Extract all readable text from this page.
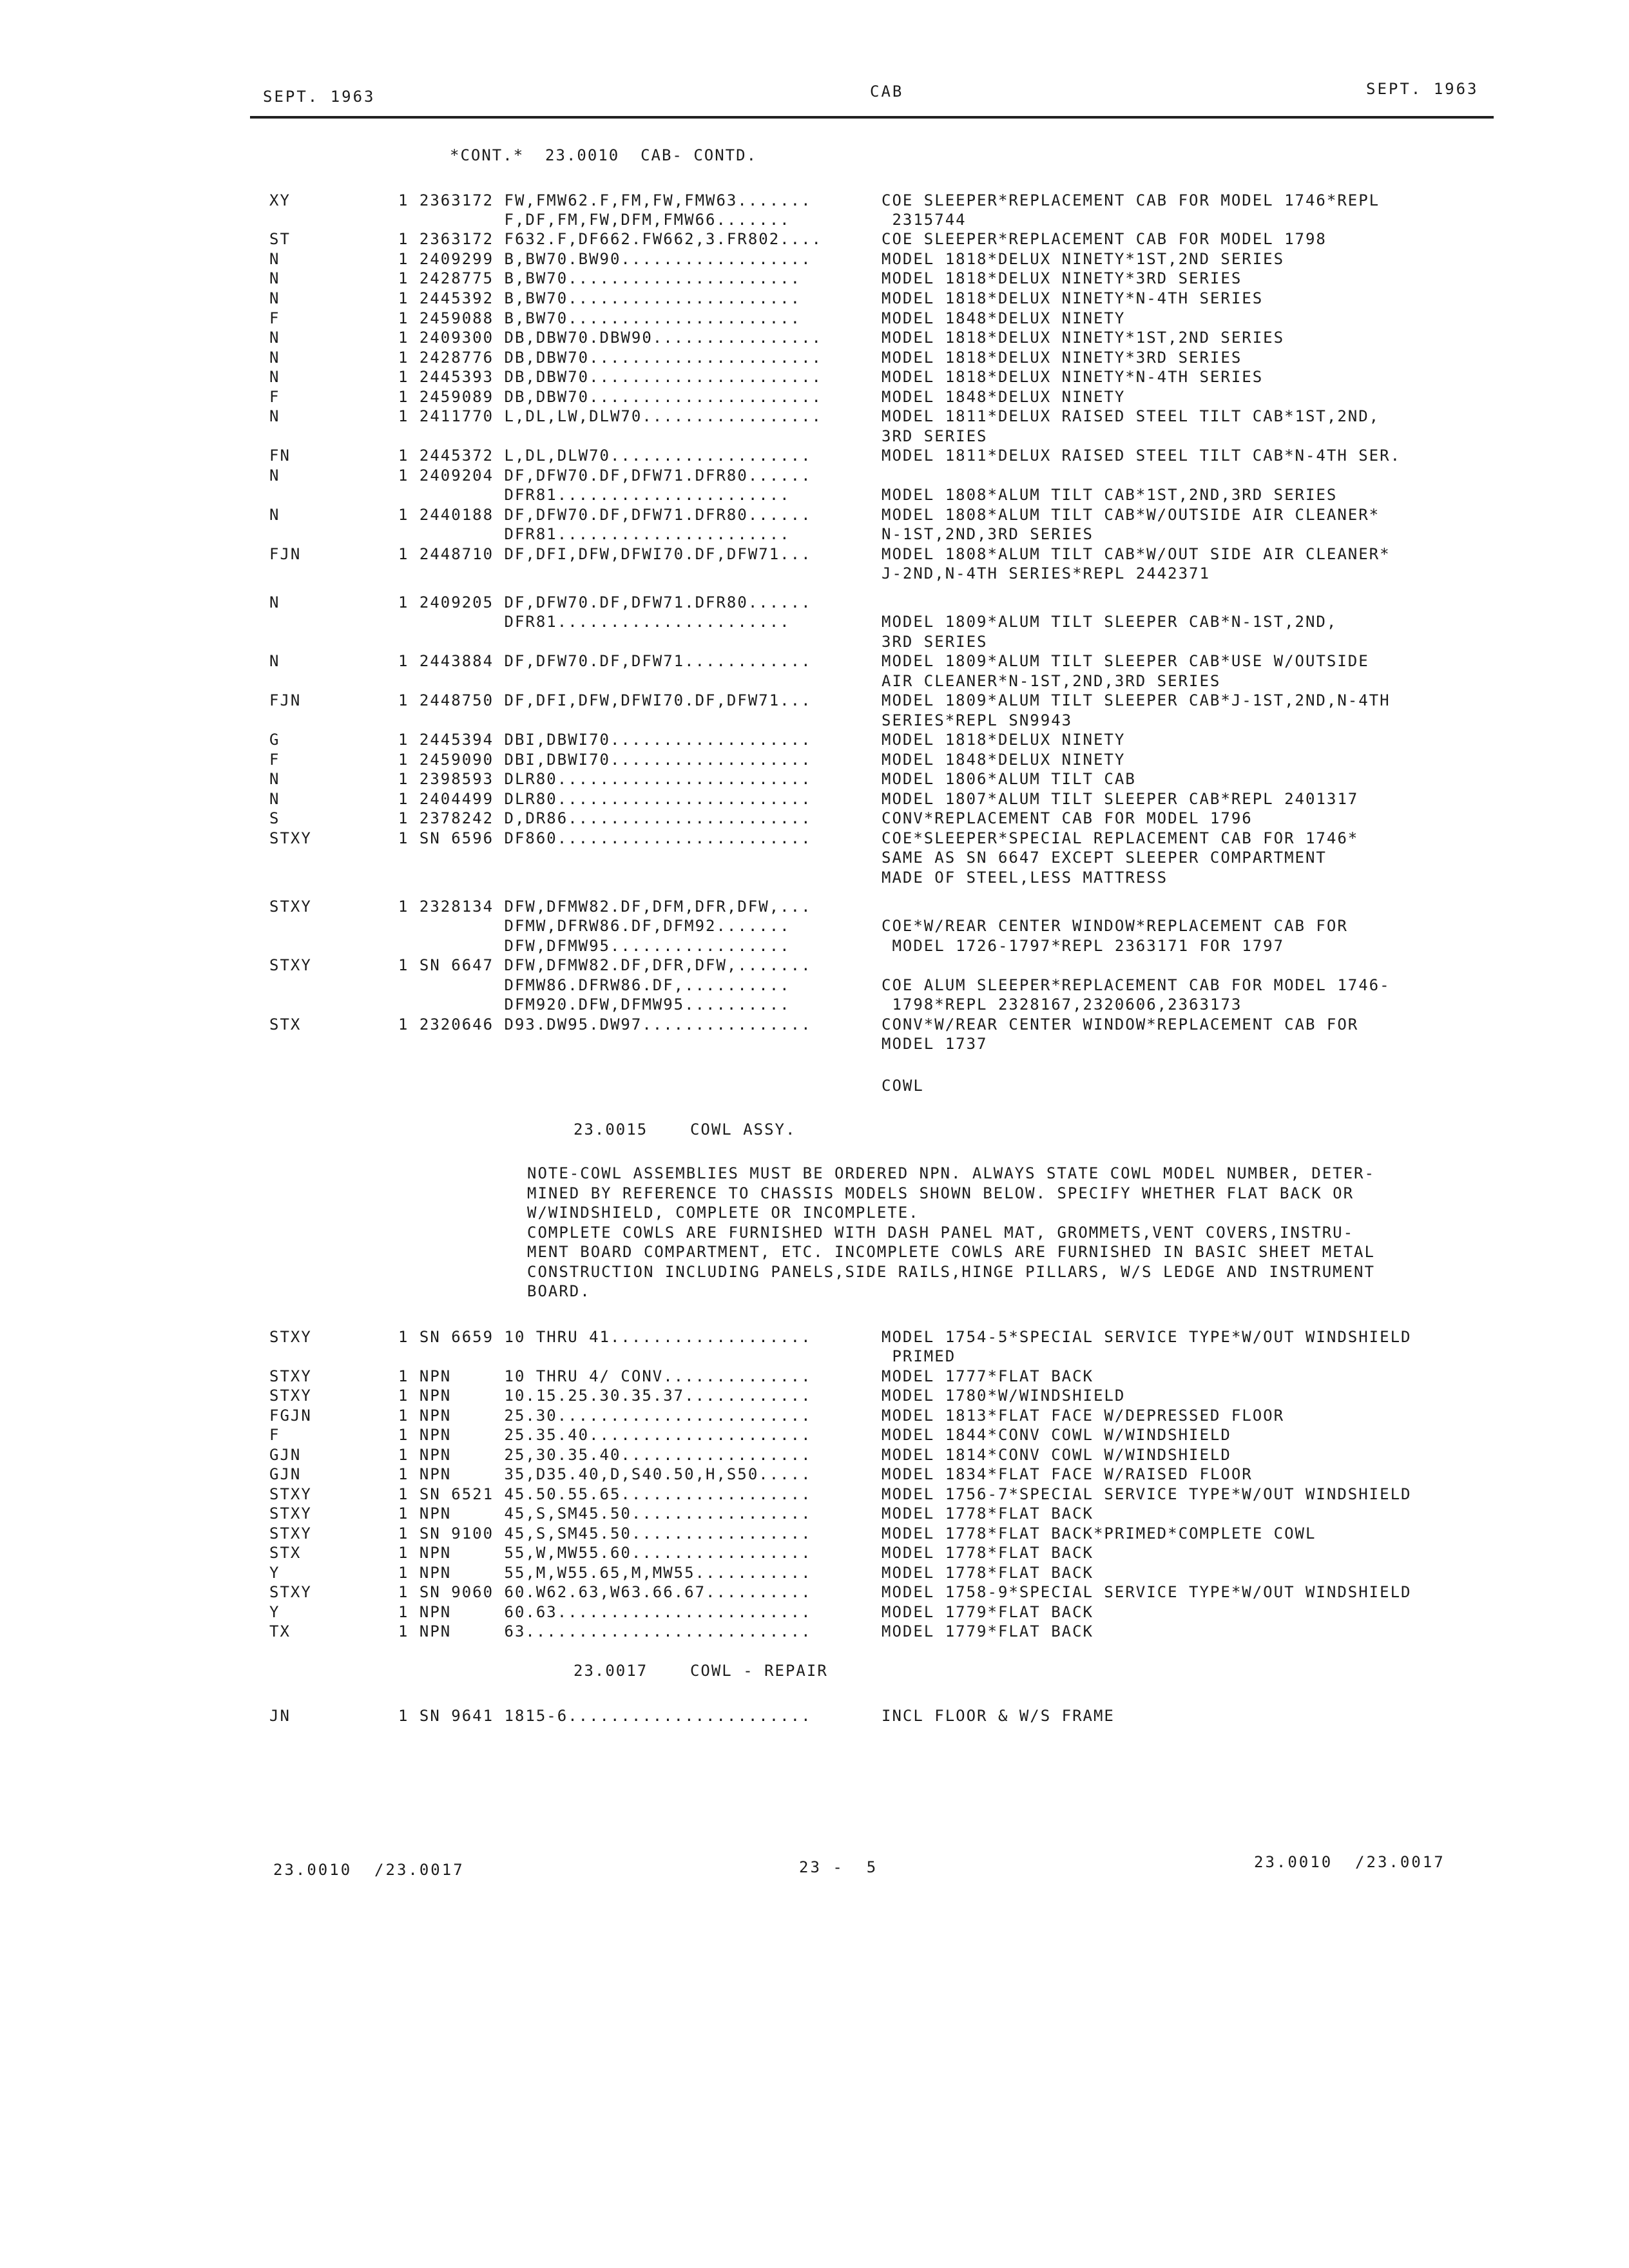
SEPT. 1963	CAB	SEPT. 1963
*CONT.*  23.0010  CAB- CONTD.
XY	1 2363172 FW,FMW62.F,FM,FW,FMW63.......	COE SLEEPER*REPLACEMENT CAB FOR MODEL 1746*REPL
F,DF,FM,FW,DFM,FMW66.......	2315744
ST	1 2363172 F632.F,DF662.FW662,3.FR802....	COE SLEEPER*REPLACEMENT CAB FOR MODEL 1798
N	1 2409299 B,BW70.BW90..................	MODEL 1818*DELUX NINETY*1ST,2ND SERIES
N	1 2428775 B,BW70......................	MODEL 1818*DELUX NINETY*3RD SERIES
N	1 2445392 B,BW70......................	MODEL 1818*DELUX NINETY*N-4TH SERIES
F	1 2459088 B,BW70......................	MODEL 1848*DELUX NINETY
N	1 2409300 DB,DBW70.DBW90................	MODEL 1818*DELUX NINETY*1ST,2ND SERIES
N	1 2428776 DB,DBW70......................	MODEL 1818*DELUX NINETY*3RD SERIES
N	1 2445393 DB,DBW70......................	MODEL 1818*DELUX NINETY*N-4TH SERIES
F	1 2459089 DB,DBW70......................	MODEL 1848*DELUX NINETY
N	1 2411770 L,DL,LW,DLW70.................	MODEL 1811*DELUX RAISED STEEL TILT CAB*1ST,2ND,
3RD SERIES
FN	1 2445372 L,DL,DLW70...................	MODEL 1811*DELUX RAISED STEEL TILT CAB*N-4TH SER.
N	1 2409204 DF,DFW70.DF,DFW71.DFR80......
DFR81......................	MODEL 1808*ALUM TILT CAB*1ST,2ND,3RD SERIES
N	1 2440188 DF,DFW70.DF,DFW71.DFR80......	MODEL 1808*ALUM TILT CAB*W/OUTSIDE AIR CLEANER*
DFR81......................	N-1ST,2ND,3RD SERIES
FJN	1 2448710 DF,DFI,DFW,DFWI70.DF,DFW71...	MODEL 1808*ALUM TILT CAB*W/OUT SIDE AIR CLEANER*
J-2ND,N-4TH SERIES*REPL 2442371
N	1 2409205 DF,DFW70.DF,DFW71.DFR80......
DFR81......................	MODEL 1809*ALUM TILT SLEEPER CAB*N-1ST,2ND,
3RD SERIES
N	1 2443884 DF,DFW70.DF,DFW71............	MODEL 1809*ALUM TILT SLEEPER CAB*USE W/OUTSIDE
AIR CLEANER*N-1ST,2ND,3RD SERIES
FJN	1 2448750 DF,DFI,DFW,DFWI70.DF,DFW71...	MODEL 1809*ALUM TILT SLEEPER CAB*J-1ST,2ND,N-4TH
SERIES*REPL SN9943
G	1 2445394 DBI,DBWI70...................	MODEL 1818*DELUX NINETY
F	1 2459090 DBI,DBWI70...................	MODEL 1848*DELUX NINETY
N	1 2398593 DLR80........................	MODEL 1806*ALUM TILT CAB
N	1 2404499 DLR80........................	MODEL 1807*ALUM TILT SLEEPER CAB*REPL 2401317
S	1 2378242 D,DR86.......................	CONV*REPLACEMENT CAB FOR MODEL 1796
STXY	1 SN 6596 DF860........................	COE*SLEEPER*SPECIAL REPLACEMENT CAB FOR 1746*
SAME AS SN 6647 EXCEPT SLEEPER COMPARTMENT
MADE OF STEEL,LESS MATTRESS
STXY	1 2328134 DFW,DFMW82.DF,DFM,DFR,DFW,...
DFMW,DFRW86.DF,DFM92.......	COE*W/REAR CENTER WINDOW*REPLACEMENT CAB FOR
DFW,DFMW95.................	MODEL 1726-1797*REPL 2363171 FOR 1797
STXY	1 SN 6647 DFW,DFMW82.DF,DFR,DFW,.......
DFMW86.DFRW86.DF,..........	COE ALUM SLEEPER*REPLACEMENT CAB FOR MODEL 1746-
DFM920.DFW,DFMW95..........	1798*REPL 2328167,2320606,2363173
STX	1 2320646 D93.DW95.DW97................	CONV*W/REAR CENTER WINDOW*REPLACEMENT CAB FOR
MODEL 1737
COWL
23.0015    COWL ASSY.
NOTE-COWL ASSEMBLIES MUST BE ORDERED NPN. ALWAYS STATE COWL MODEL NUMBER, DETER-
MINED BY REFERENCE TO CHASSIS MODELS SHOWN BELOW. SPECIFY WHETHER FLAT BACK OR
W/WINDSHIELD, COMPLETE OR INCOMPLETE.
COMPLETE COWLS ARE FURNISHED WITH DASH PANEL MAT, GROMMETS,VENT COVERS,INSTRU-
MENT BOARD COMPARTMENT, ETC. INCOMPLETE COWLS ARE FURNISHED IN BASIC SHEET METAL
CONSTRUCTION INCLUDING PANELS,SIDE RAILS,HINGE PILLARS, W/S LEDGE AND INSTRUMENT
BOARD.
STXY	1 SN 6659 10 THRU 41...................	MODEL 1754-5*SPECIAL SERVICE TYPE*W/OUT WINDSHIELD
PRIMED
STXY	1 NPN     10 THRU 4/ CONV..............	MODEL 1777*FLAT BACK
STXY	1 NPN     10.15.25.30.35.37............	MODEL 1780*W/WINDSHIELD
FGJN	1 NPN     25.30........................	MODEL 1813*FLAT FACE W/DEPRESSED FLOOR
F	1 NPN     25.35.40.....................	MODEL 1844*CONV COWL W/WINDSHIELD
GJN	1 NPN     25,30.35.40..................	MODEL 1814*CONV COWL W/WINDSHIELD
GJN	1 NPN     35,D35.40,D,S40.50,H,S50.....	MODEL 1834*FLAT FACE W/RAISED FLOOR
STXY	1 SN 6521 45.50.55.65..................	MODEL 1756-7*SPECIAL SERVICE TYPE*W/OUT WINDSHIELD
STXY	1 NPN     45,S,SM45.50.................	MODEL 1778*FLAT BACK
STXY	1 SN 9100 45,S,SM45.50.................	MODEL 1778*FLAT BACK*PRIMED*COMPLETE COWL
STX	1 NPN     55,W,MW55.60.................	MODEL 1778*FLAT BACK
Y	1 NPN     55,M,W55.65,M,MW55...........	MODEL 1778*FLAT BACK
STXY	1 SN 9060 60.W62.63,W63.66.67..........	MODEL 1758-9*SPECIAL SERVICE TYPE*W/OUT WINDSHIELD
Y	1 NPN     60.63........................	MODEL 1779*FLAT BACK
TX	1 NPN     63...........................	MODEL 1779*FLAT BACK
23.0017    COWL - REPAIR
JN	1 SN 9641 1815-6.......................	INCL FLOOR & W/S FRAME
23.0010  /23.0017	23 -  5	23.0010  /23.0017
